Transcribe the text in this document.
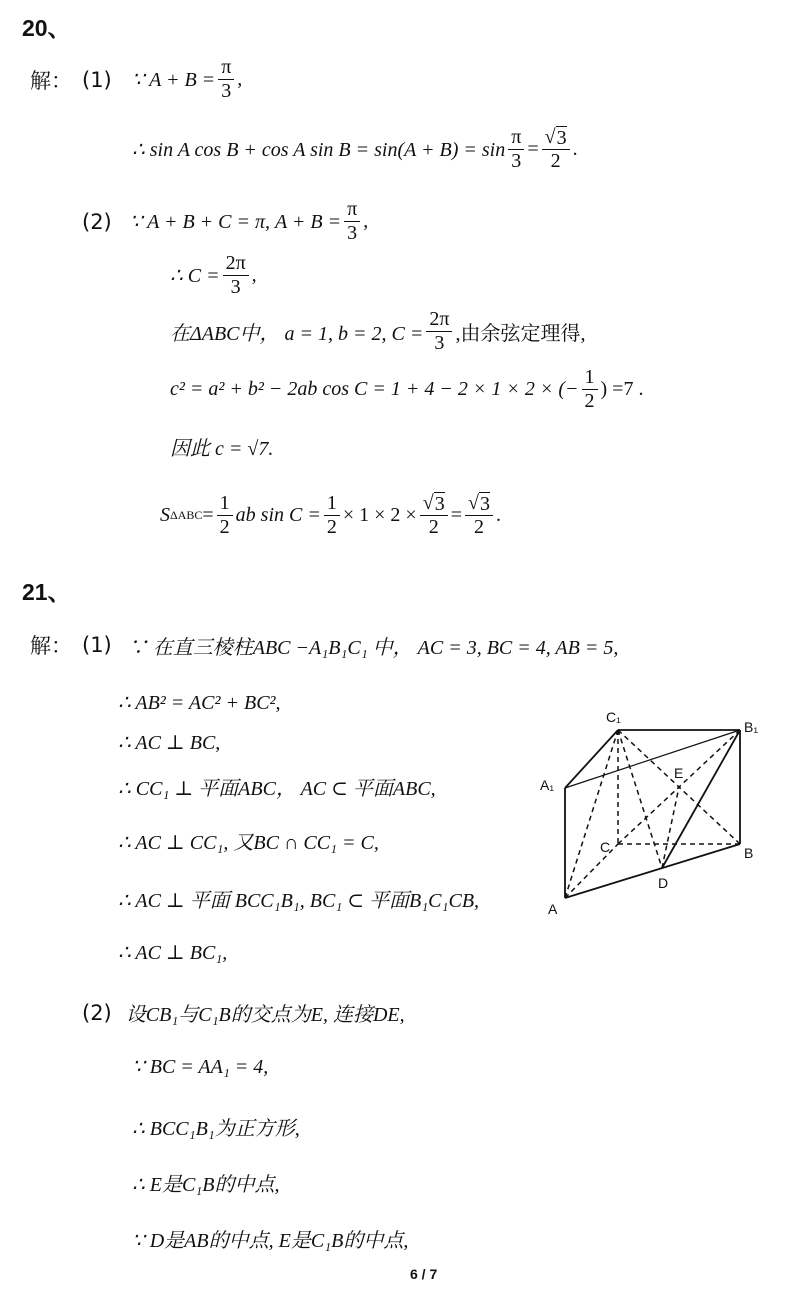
20、
解： (1) ∵ $A + B = \frac{\pi}{3}$ ,
∴ sin A cos B + cos A $\sin B = \sin(A + B) = \sin \frac{\pi}{3} = \frac{√ 3}{2}$ .
(2) ∵ A + B + C = π, $A + B = \frac{\pi}{3}$ ,
∴ $C = \frac{2\pi}{3}$ ,
在ΔABC中， a = 1, b = 2, $C = \frac{2\pi}{3}$ ,由余弦定理得,
c² = a² + b² − 2ab cos C = 1 + 4 − 2 × 1 × 2 × (− $\frac{1}{2}$ ) =7 .
因此 c = √7.
S $\Delta ABC = \frac{1}{2}$ ab $\sin C = \frac{1}{2} \times 1 \times 2 \times \frac{√ 3}{2} = \frac{√ 3}{2}$ .
21、
解： (1) ∵ 在直三棱柱ABC −A₁B₁C₁ 中， AC = 3, BC = 4, AB = 5,
∴ AB² = AC² + BC²,
∴ AC ⊥ BC,
∴ CC₁ ⊥ 平面ABC， AC ⊂ 平面ABC,
∴ AC ⊥ CC₁, 又BC ∩ CC₁ = C,
∴ AC ⊥ 平面 BCC₁B₁, BC₁ ⊂ 平面B₁C₁CB,
∴ AC ⊥ BC₁,
(2) 设CB₁与C₁B的交点为E, 连接DE,
∵ BC = AA₁ = 4,
∴ BCC₁B₁为正方形,
∴ E是C₁B的中点,
∵ D是AB的中点, E是C₁B的中点,
C₁
B₁
A₁
E
C	B
D
A
6 / 7
